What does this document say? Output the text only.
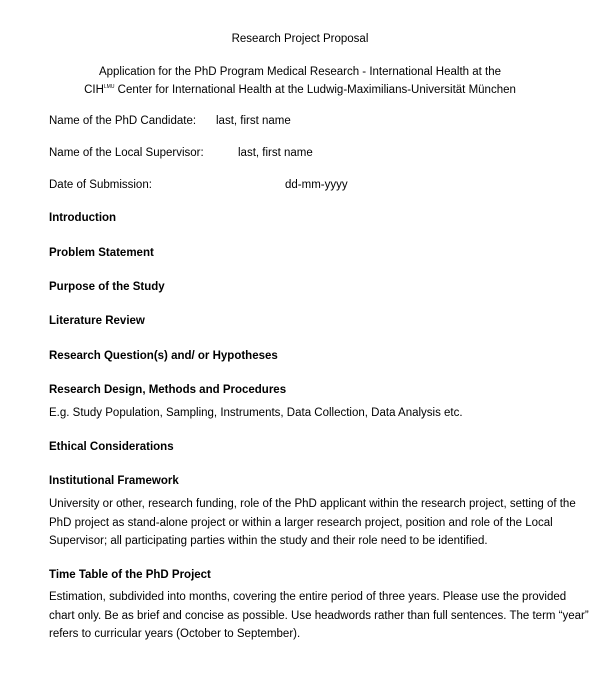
Research Project Proposal
Application for the PhD Program Medical Research - International Health at the
$CIH^{LMU}$ Center for International Health at the Ludwig-Maximilians-Universität München
Name of the PhD Candidate: last, first name
Name of the Local Supervisor:	last, first name
Date of Submission:	dd-mm-yyyy
Introduction
Problem Statement
Purpose of the Study
Literature Review
Research Question(s) and/ or Hypotheses
Research Design, Methods and Procedures
E.g. Study Population, Sampling, Instruments, Data Collection, Data Analysis etc.
Ethical Considerations
Institutional Framework
University or other, research funding, role of the PhD applicant within the research project, setting of the
PhD project as stand-alone project or within a larger research project, position and role of the Local
Supervisor; all participating parties within the study and their role need to be identified.
Time Table of the PhD Project
Estimation, subdivided into months, covering the entire period of three years. Please use the provided
chart only. Be as brief and concise as possible. Use headwords rather than full sentences. The term “year”
refers to curricular years (October to September).
